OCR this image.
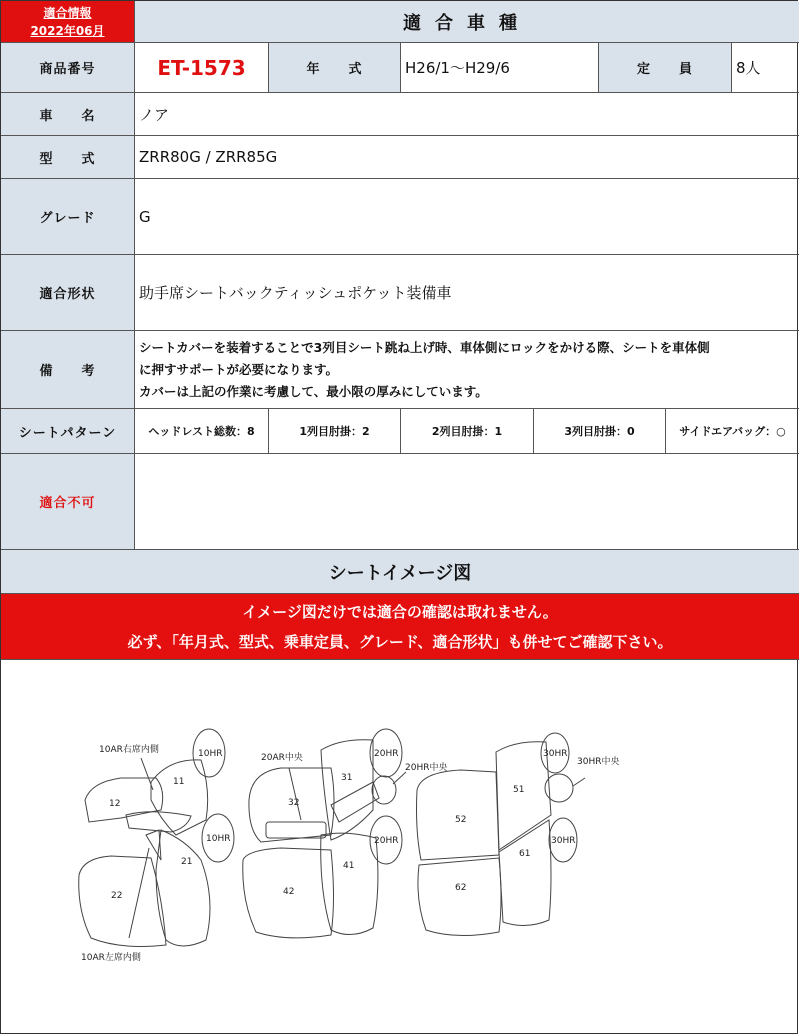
適合情報
2022年06月	適合車種
商品番号	ET-1573	年　　式	H26/1〜H29/6	定　　員	8人
車　　名	ノア
型　　式	ZRR80G / ZRR85G
グレード	G
適合形状	助手席シートバックティッシュポケット装備車
備　　考
シートカバーを装着することで3列目シート跳ね上げ時、車体側にロックをかける際、シートを車体側
に押すサポートが必要になります。
カバーは上記の作業に考慮して、最小限の厚みにしています。
シートパターン	ヘッドレスト総数：8	1列目肘掛：2	2列目肘掛：1	3列目肘掛：0	サイドエアバッグ：○
適合不可
シートイメージ図
イメージ図だけでは適合の確認は取れません。
必ず、「年月式、型式、乗車定員、グレード、適合形状」も併せてご確認下さい。
10AR右席内側
10AR左席内側
10HR
10HR
11
12
21
22
20AR中央	20HR
20HR中央
20HR
31
32
41
42
30HR
30HR中央
30HR
51
52
61
62
